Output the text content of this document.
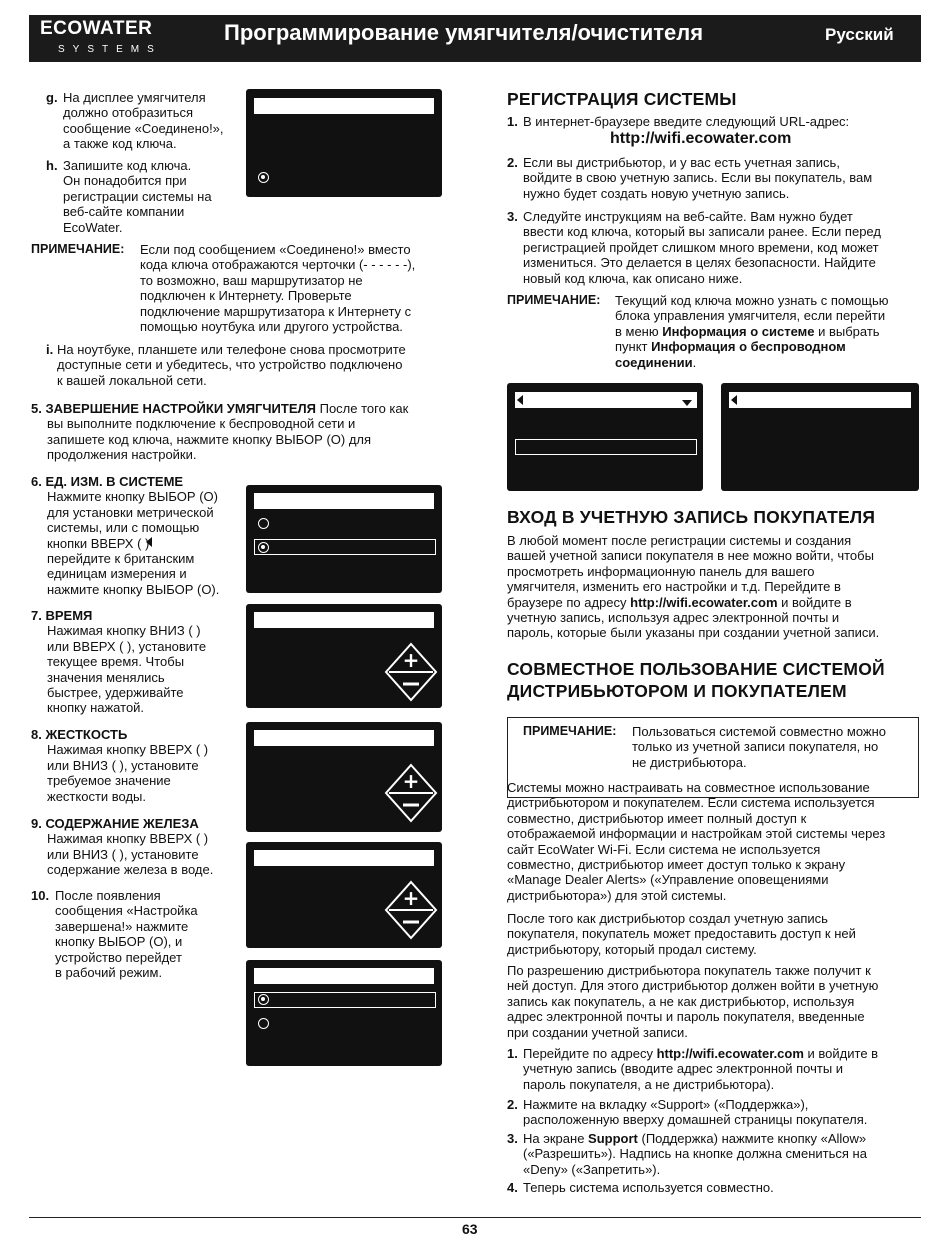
ECOWATER
SYSTEMS
Программирование умягчителя/очистителя	Русский
g. На дисплее умягчителя
должно отобразиться
сообщение «Соединено!»,
а также код ключа.
h. Запишите код ключа.
Он понадобится при
регистрации системы на
веб-сайте компании
EcoWater.
ПРИМЕЧАНИЕ: Если под сообщением «Соединено!» вместо
кода ключа отображаются черточки (- - - - - -),
то возможно, ваш маршрутизатор не
подключен к Интернету. Проверьте
подключение маршрутизатора к Интернету с
помощью ноутбука или другого устройства.
i. На ноутбуке, планшете или телефоне снова просмотрите
доступные сети и убедитесь, что устройство подключено
к вашей локальной сети.
5. ЗАВЕРШЕНИЕ НАСТРОЙКИ УМЯГЧИТЕЛЯ После того как
вы выполните подключение к беспроводной сети и
запишете код ключа, нажмите кнопку ВЫБОР (О) для
продолжения настройки.
6. ЕД. ИЗМ. В СИСТЕМЕ
Нажмите кнопку ВЫБОР (О)
для установки метрической
системы, или с помощью
кнопки ВВЕРХ ( )
перейдите к британским
единицам измерения и
нажмите кнопку ВЫБОР (О).
7. ВРЕМЯ
Нажимая кнопку ВНИЗ ( )
или ВВЕРХ ( ), установите
текущее время. Чтобы
значения менялись
быстрее, удерживайте
кнопку нажатой.
8. ЖЕСТКОСТЬ
Нажимая кнопку ВВЕРХ ( )
или ВНИЗ ( ), установите
требуемое значение
жесткости воды.
9. СОДЕРЖАНИЕ ЖЕЛЕЗА
Нажимая кнопку ВВЕРХ ( )
или ВНИЗ ( ), установите
содержание железа в воде.
10. После появления
сообщения «Настройка
завершена!» нажмите
кнопку ВЫБОР (О), и
устройство перейдет
в рабочий режим.
+
+
+
РЕГИСТРАЦИЯ СИСТЕМЫ
1. В интернет-браузере введите следующий URL-адрес:
http://wifi.ecowater.com
2. Если вы дистрибьютор, и у вас есть учетная запись,
войдите в свою учетную запись. Если вы покупатель, вам
нужно будет создать новую учетную запись.
3. Следуйте инструкциям на веб-сайте. Вам нужно будет
ввести код ключа, который вы записали ранее. Если перед
регистрацией пройдет слишком много времени, код может
измениться. Это делается в целях безопасности. Найдите
новый код ключа, как описано ниже.
ПРИМЕЧАНИЕ: Текущий код ключа можно узнать с помощью
блока управления умягчителя, если перейти
в меню Информация о системе и выбрать
пункт Информация о беспроводном
соединении.
ВХОД В УЧЕТНУЮ ЗАПИСЬ ПОКУПАТЕЛЯ
В любой момент после регистрации системы и создания
вашей учетной записи покупателя в нее можно войти, чтобы
просмотреть информационную панель для вашего
умягчителя, изменить его настройки и т.д. Перейдите в
браузере по адресу http://wifi.ecowater.com и войдите в
учетную запись, используя адрес электронной почты и
пароль, которые были указаны при создании учетной записи.
СОВМЕСТНОЕ ПОЛЬЗОВАНИЕ СИСТЕМОЙ
ДИСТРИБЬЮТОРОМ И ПОКУПАТЕЛЕМ
ПРИМЕЧАНИЕ: Пользоваться системой совместно можно
только из учетной записи покупателя, но
не дистрибьютора.
Системы можно настраивать на совместное использование
дистрибьютором и покупателем. Если система используется
совместно, дистрибьютор имеет полный доступ к
отображаемой информации и настройкам этой системы через
сайт EcoWater Wi-Fi. Если система не используется
совместно, дистрибьютор имеет доступ только к экрану
«Manage Dealer Alerts» («Управление оповещениями
дистрибьютора») для этой системы.
После того как дистрибьютор создал учетную запись
покупателя, покупатель может предоставить доступ к ней
дистрибьютору, который продал систему.
По разрешению дистрибьютора покупатель также получит к
ней доступ. Для этого дистрибьютор должен войти в учетную
запись как покупатель, а не как дистрибьютор, используя
адрес электронной почты и пароль покупателя, введенные
при создании учетной записи.
1. Перейдите по адресу http://wifi.ecowater.com и войдите в
учетную запись (вводите адрес электронной почты и
пароль покупателя, а не дистрибьютора).
2. Нажмите на вкладку «Support» («Поддержка»),
расположенную вверху домашней страницы покупателя.
3. На экране Support (Поддержка) нажмите кнопку «Allow»
(«Разрешить»). Надпись на кнопке должна смениться на
«Deny» («Запретить»).
4. Теперь система используется совместно.
63
